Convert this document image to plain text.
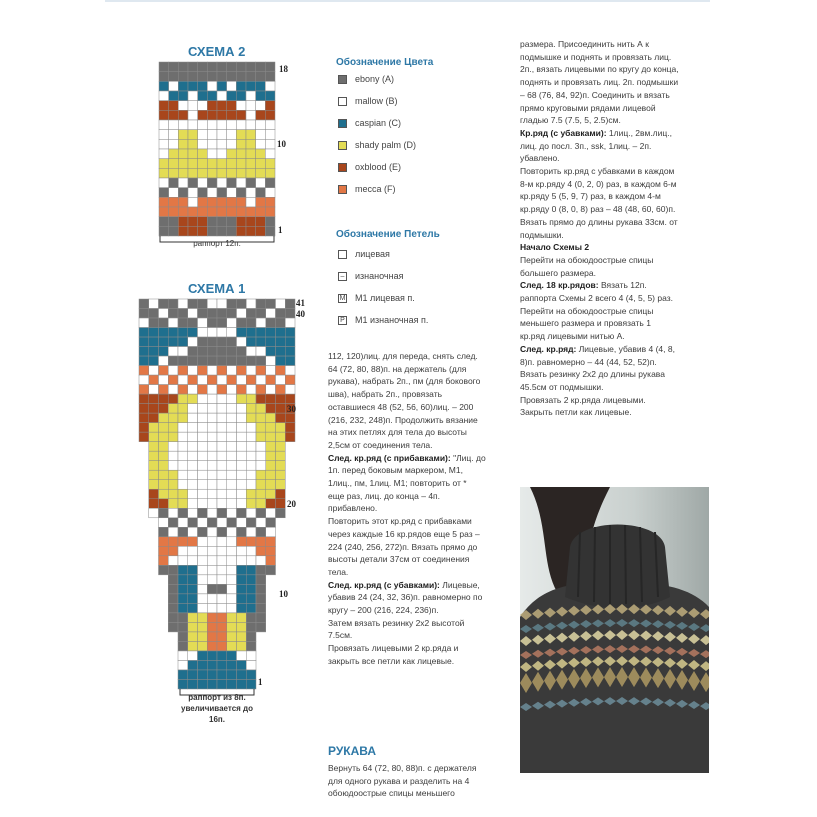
СХЕМА 2
18
10
1
раппорт 12п.
СХЕМА 1
41
40
30
20
10
1
раппорт из 8п. увеличивается до 16п.
Обозначение Цвета
ebony (A)
mallow (B)
caspian (C)
shady palm (D)
oxblood (E)
mecca (F)
Обозначение Петель
лицевая
– изнаночная
M M1 лицевая п.
P M1 изнаночная п.

112, 120)лиц. для переда, снять след.

64 (72, 80, 88)п. на держатель (для

рукава), набрать 2п., пм (для бокового

шва), набрать 2п., провязать

оставшиеся 48 (52, 56, 60)лиц. – 200

(216, 232, 248)п. Продолжить вязание

на этих петлях для тела до высоты

2,5см от соединения тела.

След. кр.ряд (с прибавками): "Лиц. до

1п. перед боковым маркером, М1,

1лиц., пм, 1лиц. М1; повторить от *

еще раз, лиц. до конца – 4п.

прибавлено.

Повторить этот кр.ряд с прибавками

через каждые 16 кр.рядов еще 5 раз –

224 (240, 256, 272)п. Вязать прямо до

высоты детали 37см от соединения

тела.

След. кр.ряд (с убавками): Лицевые,

убавив 24 (24, 32, 36)п. равномерно по

кругу – 200 (216, 224, 236)п.

Затем вязать резинку 2х2 высотой

7.5см.

Провязать лицевыми 2 кр.ряда и

закрыть все петли как лицевые.

РУКАВА

Вернуть 64 (72, 80, 88)п. с держателя

для одного рукава и разделить на 4

обоюдоострые спицы меньшего

размера. Присоединить нить А к

подмышке и поднять и провязать лиц.

2п., вязать лицевыми по кругу до конца,

поднять и провязать лиц. 2п. подмышки

– 68 (76, 84, 92)п. Соединить и вязать

прямо круговыми рядами лицевой

гладью 7.5 (7.5, 5, 2.5)см.

Кр.ряд (с убавками): 1лиц., 2вм.лиц.,

лиц. до посл. 3п., ssk, 1лиц. – 2п.

убавлено.

Повторить кр.ряд с убавками в каждом

8-м кр.ряду 4 (0, 2, 0) раз, в каждом 6-м

кр.ряду 5 (5, 9, 7) раз, в каждом 4-м

кр.ряду 0 (8, 0, 8) раз – 48 (48, 60, 60)п.

Вязать прямо до длины рукава 33см. от

подмышки.

Начало Схемы 2

Перейти на обоюдоострые спицы

большего размера.

След. 18 кр.рядов: Вязать 12п.

раппорта Схемы 2 всего 4 (4, 5, 5) раз.

Перейти на обоюдоострые спицы

меньшего размера и провязать 1

кр.ряд лицевыми нитью А.

След. кр.ряд: Лицевые, убавив 4 (4, 8,

8)п. равномерно – 44 (44, 52, 52)п.

Вязать резинку 2х2 до длины рукава

45.5см от подмышки.

Провязать 2 кр.ряда лицевыми.

Закрыть петли как лицевые.
